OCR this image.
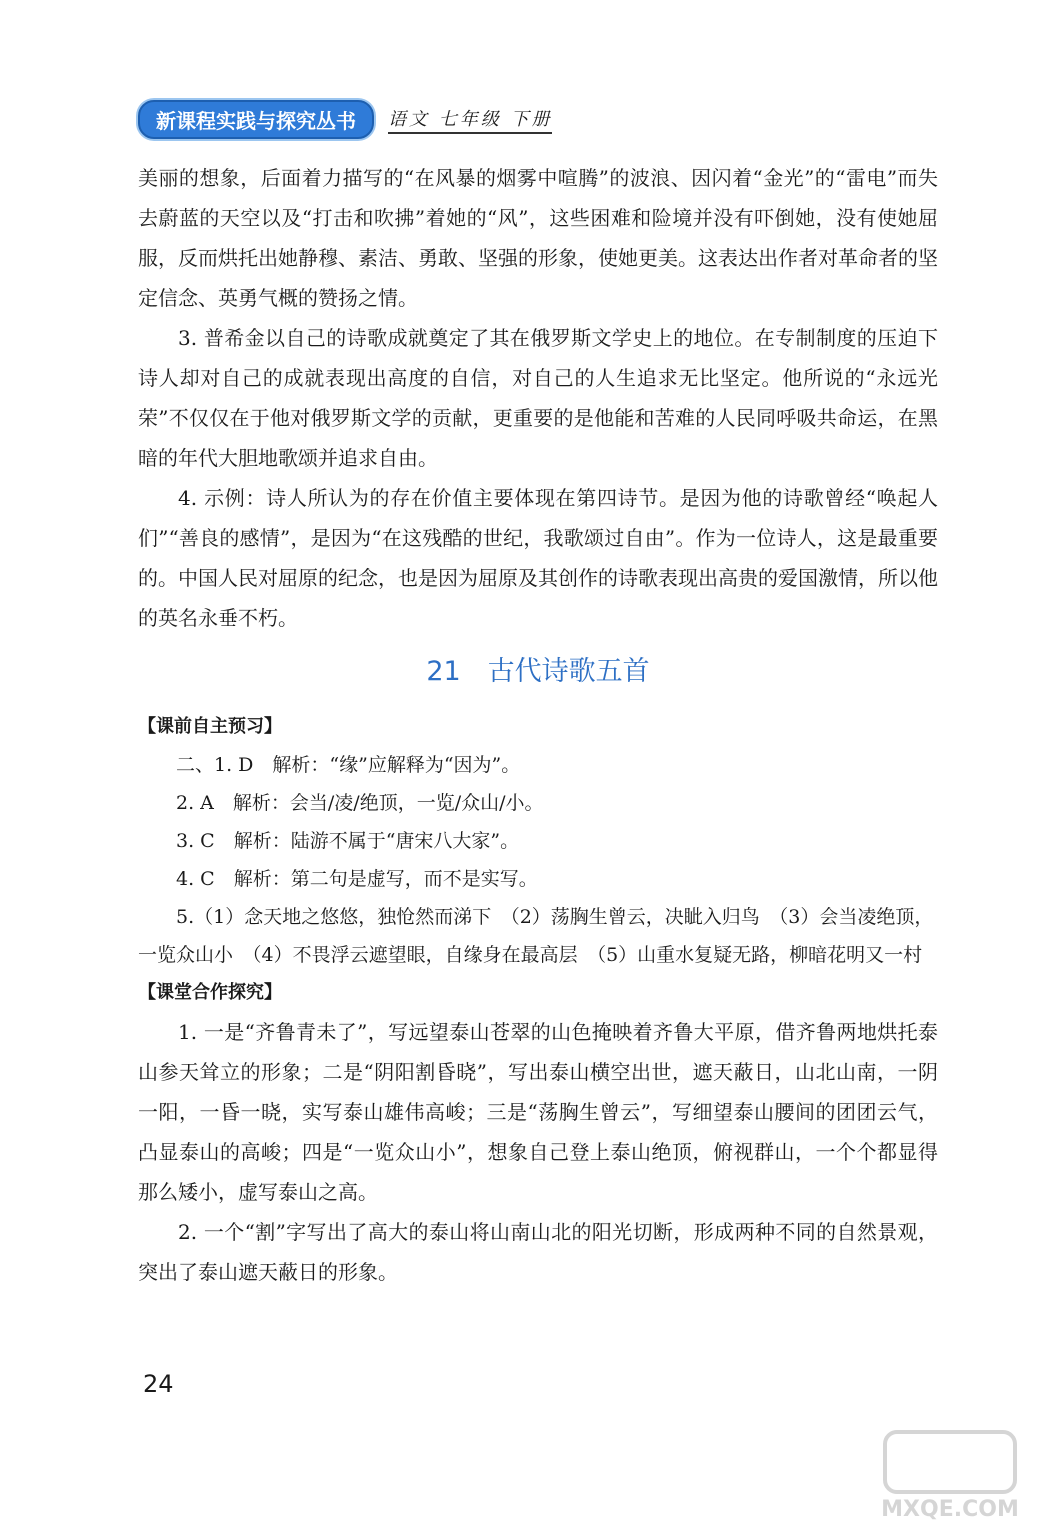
新课程实践与探究丛书	语文 七年级 下册

美丽的想象，后面着力描写的“在风暴的烟雾中喧腾”的波浪、因闪着“金光”的“雷电”而失去蔚蓝的天空以及“打击和吹拂”着她的“风”，这些困难和险境并没有吓倒她，没有使她屈服，反而烘托出她静穆、素洁、勇敢、坚强的形象，使她更美。这表达出作者对革命者的坚定信念、英勇气概的赞扬之情。

3. 普希金以自己的诗歌成就奠定了其在俄罗斯文学史上的地位。在专制制度的压迫下诗人却对自己的成就表现出高度的自信，对自己的人生追求无比坚定。他所说的“永远光荣”不仅仅在于他对俄罗斯文学的贡献，更重要的是他能和苦难的人民同呼吸共命运，在黑暗的年代大胆地歌颂并追求自由。

4. 示例：诗人所认为的存在价值主要体现在第四诗节。是因为他的诗歌曾经“唤起人们”“善良的感情”，是因为“在这残酷的世纪，我歌颂过自由”。作为一位诗人，这是最重要的。中国人民对屈原的纪念，也是因为屈原及其创作的诗歌表现出高贵的爱国激情，所以他的英名永垂不朽。

21　古代诗歌五首
【课前自主预习】
二、1. D　解析：“缘”应解释为“因为”。
2. A　解析：会当/凌/绝顶，一览/众山/小。
3. C　解析：陆游不属于“唐宋八大家”。
4. C　解析：第二句是虚写，而不是实写。
5.（1）念天地之悠悠，独怆然而涕下　（2）荡胸生曾云，决眦入归鸟　（3）会当凌绝顶，一览众山小　（4）不畏浮云遮望眼，自缘身在最高层　（5）山重水复疑无路，柳暗花明又一村
【课堂合作探究】

1. 一是“齐鲁青未了”，写远望泰山苍翠的山色掩映着齐鲁大平原，借齐鲁两地烘托泰山参天耸立的形象；二是“阴阳割昏晓”，写出泰山横空出世，遮天蔽日，山北山南，一阴一阳，一昏一晓，实写泰山雄伟高峻；三是“荡胸生曾云”，写细望泰山腰间的团团云气，凸显泰山的高峻；四是“一览众山小”，想象自己登上泰山绝顶，俯视群山，一个个都显得那么矮小，虚写泰山之高。

2. 一个“割”字写出了高大的泰山将山南山北的阳光切断，形成两种不同的自然景观，突出了泰山遮天蔽日的形象。

24
MXQE.COM
